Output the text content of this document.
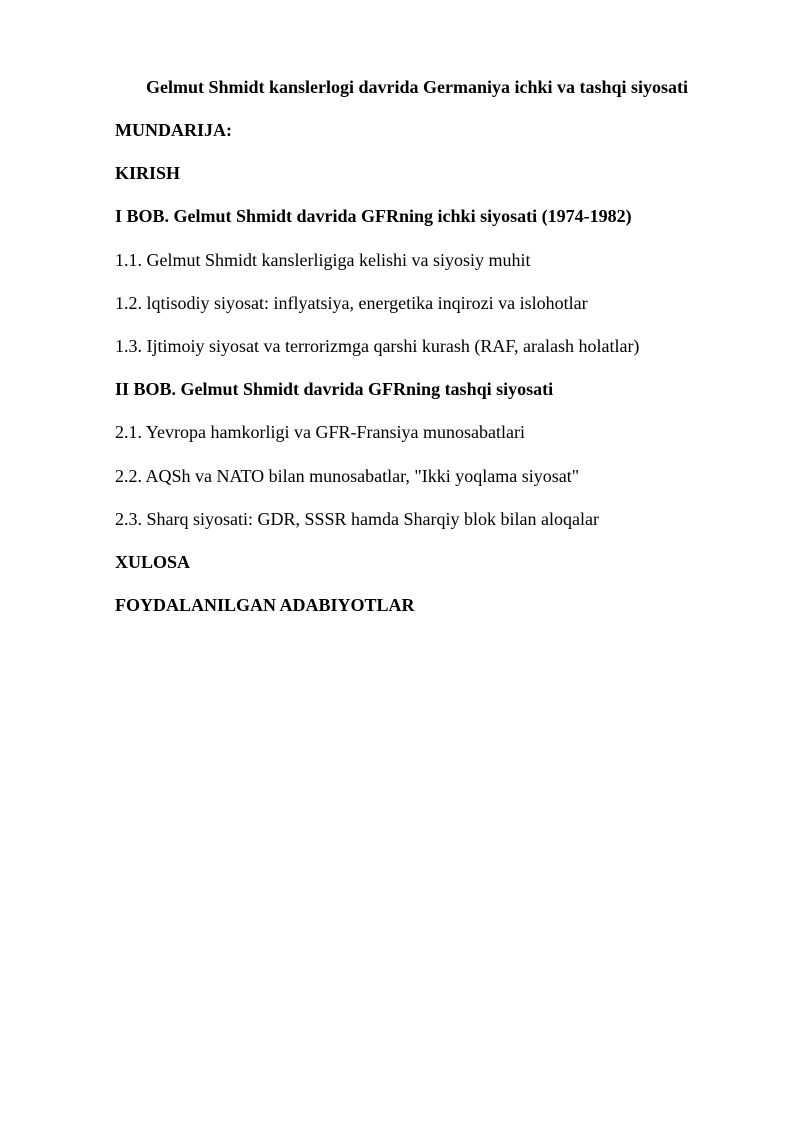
Gelmut Shmidt kanslerlogi davrida Germaniya ichki va tashqi siyosati
MUNDARIJA:
KIRISH
I BOB. Gelmut Shmidt davrida GFRning ichki siyosati (1974-1982)
1.1. Gelmut Shmidt kanslerligiga kelishi va siyosiy muhit
1.2. lqtisodiy siyosat: inflyatsiya, energetika inqirozi va islohotlar
1.3. Ijtimoiy siyosat va terrorizmga qarshi kurash (RAF, aralash holatlar)
II BOB. Gelmut Shmidt davrida GFRning tashqi siyosati
2.1. Yevropa hamkorligi va GFR-Fransiya munosabatlari
2.2. AQSh va NATO bilan munosabatlar, "Ikki yoqlama siyosat"
2.3. Sharq siyosati: GDR, SSSR hamda Sharqiy blok bilan aloqalar
XULOSA
FOYDALANILGAN ADABIYOTLAR
